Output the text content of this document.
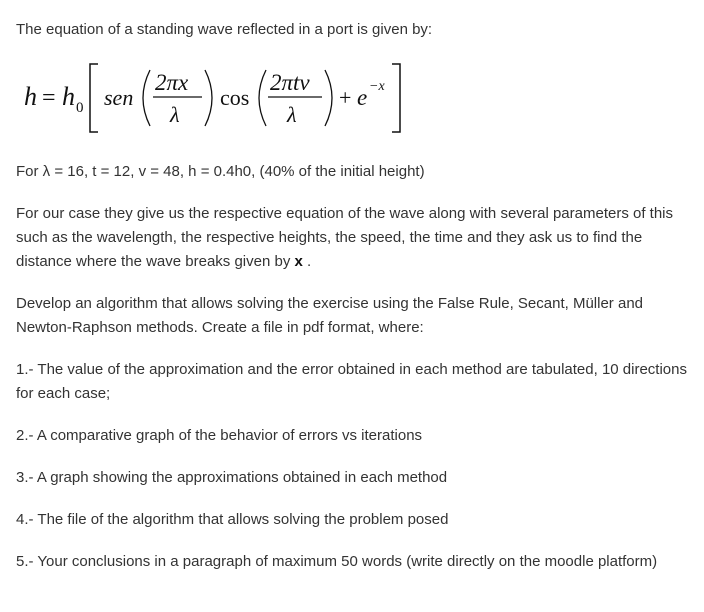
The equation of a standing wave reflected in a port is given by:

h = h 0 sen
2πx
λ
cos
2πtv
λ
+ e −x

For λ = 16, t = 12, v = 48, h = 0.4h0, (40% of the initial height)

For our case they give us the respective equation of the wave along with several parameters of this such as the wavelength, the respective heights, the speed, the time and they ask us to find the distance where the wave breaks given by x .

Develop an algorithm that allows solving the exercise using the False Rule, Secant, Müller and Newton-Raphson methods. Create a file in pdf format, where:

1.- The value of the approximation and the error obtained in each method are tabulated, 10 directions for each case;

2.- A comparative graph of the behavior of errors vs iterations

3.- A graph showing the approximations obtained in each method

4.- The file of the algorithm that allows solving the problem posed

5.- Your conclusions in a paragraph of maximum 50 words (write directly on the moodle platform)
